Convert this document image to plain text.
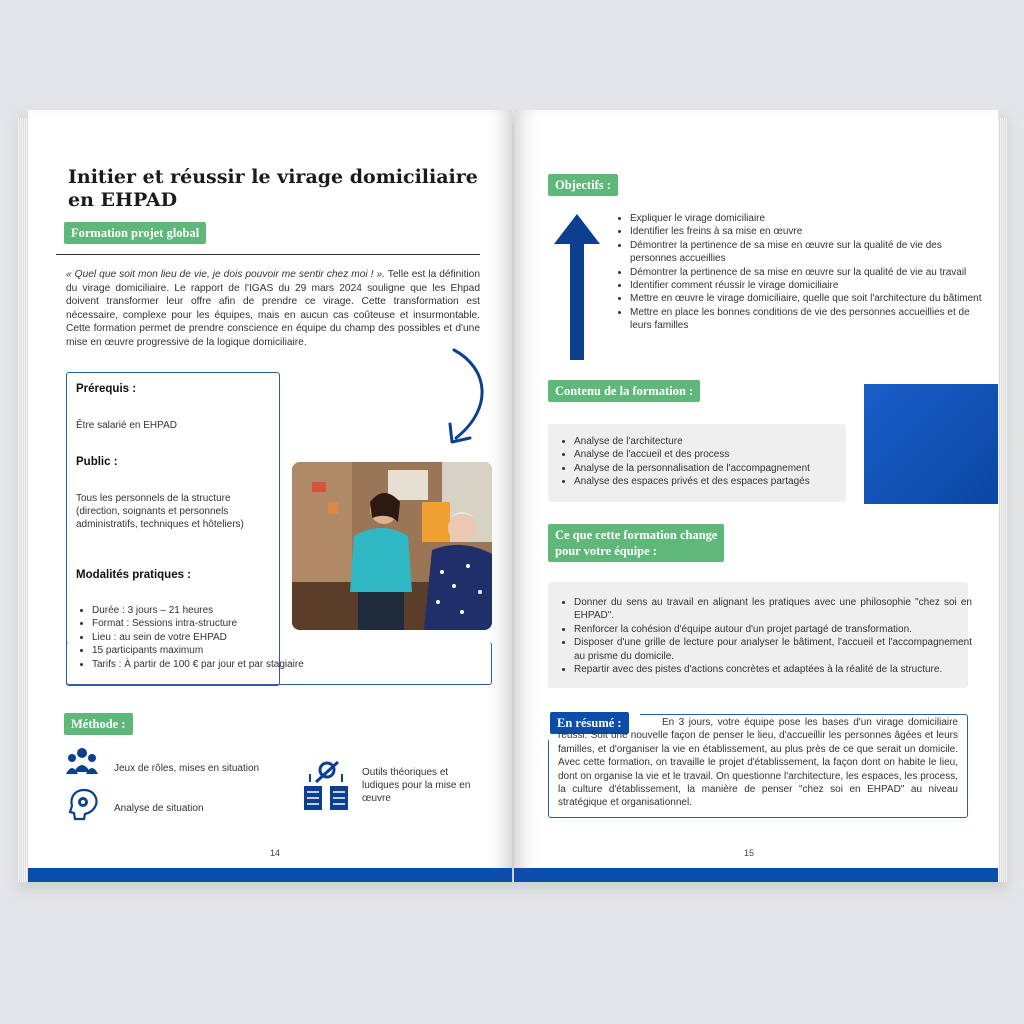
Initier et réussir le virage domiciliaire en EHPAD
Formation projet global
« Quel que soit mon lieu de vie, je dois pouvoir me sentir chez moi ! ». Telle est la définition du virage domiciliaire. Le rapport de l'IGAS du 29 mars 2024 souligne que les Ehpad doivent transformer leur offre afin de prendre ce virage. Cette transformation est nécessaire, complexe pour les équipes, mais en aucun cas coûteuse et insurmontable. Cette formation permet de prendre conscience en équipe du champ des possibles et d'une mise en œuvre progressive de la logique domiciliaire.
Prérequis :
Être salarié en EHPAD
Public :
Tous les personnels de la structure (direction, soignants et personnels administratifs, techniques et hôteliers)
Modalités pratiques :
• Durée : 3 jours – 21 heures
• Format : Sessions intra-structure
• Lieu : au sein de votre EHPAD
• 15 participants maximum
• Tarifs : À partir de 100 € par jour et par stagiaire
Méthode :
Jeux de rôles, mises en situation
Analyse de situation
Outils théoriques et ludiques pour la mise en œuvre
14
Objectifs :
• Expliquer le virage domiciliaire
• Identifier les freins à sa mise en œuvre
• Démontrer la pertinence de sa mise en œuvre sur la qualité de vie des personnes accueillies
• Démontrer la pertinence de sa mise en œuvre sur la qualité de vie au travail
• Identifier comment réussir le virage domiciliaire
• Mettre en œuvre le virage domiciliaire, quelle que soit l'architecture du bâtiment
• Mettre en place les bonnes conditions de vie des personnes accueillies et de leurs familles
Contenu de la formation :
• Analyse de l'architecture
• Analyse de l'accueil et des process
• Analyse de la personnalisation de l'accompagnement
• Analyse des espaces privés et des espaces partagés
Ce que cette formation change
pour votre équipe :
• Donner du sens au travail en alignant les pratiques avec une philosophie "chez soi en EHPAD".
• Renforcer la cohésion d'équipe autour d'un projet partagé de transformation.
• Disposer d'une grille de lecture pour analyser le bâtiment, l'accueil et l'accompagnement au prisme du domicile.
• Repartir avec des pistes d'actions concrètes et adaptées à la réalité de la structure.
En résumé :	En 3 jours, votre équipe pose les bases d'un virage domiciliaire réussi. Soit une nouvelle façon de penser le lieu, d'accueillir les personnes âgées et leurs familles, et d'organiser la vie en établissement, au plus près de ce que serait un domicile. Avec cette formation, on travaille le projet d'établissement, la façon dont on habite le lieu, dont on organise la vie et le travail. On questionne l'architecture, les espaces, les process, la culture d'établissement, la manière de penser "chez soi en EHPAD" au niveau stratégique et organisationnel.
15
